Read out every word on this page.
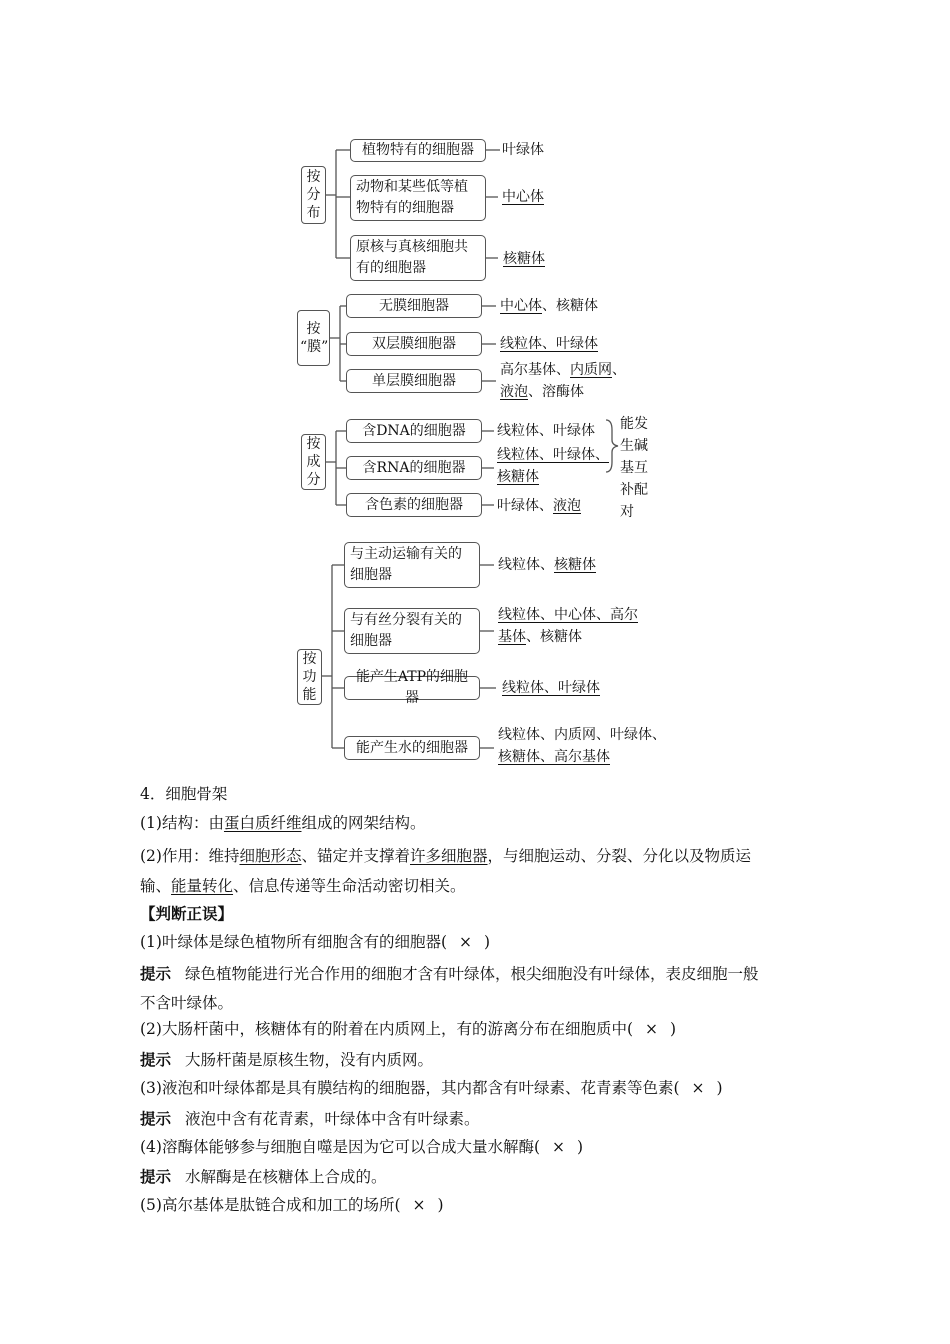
按
分
布
植物特有的细胞器 叶绿体
动物和某些低等植物特有的细胞器
中心体
原核与真核细胞共有的细胞器
核糖体
按
“膜”
无膜细胞器	中心体、核糖体
双层膜细胞器	线粒体、叶绿体
单层膜细胞器
高尔基体、内质网、
液泡、溶酶体
按
成
分
含DNA的细胞器 线粒体、叶绿体
含RNA的细胞器
线粒体、叶绿体、
核糖体
含色素的细胞器 叶绿体、液泡
能发
生碱
基互
补配
对
按
功
能
与主动运输有关的细胞器
线粒体、核糖体
与有丝分裂有关的细胞器
线粒体、中心体、高尔
基体、核糖体
能产生ATP的细胞器
线粒体、叶绿体
能产生水的细胞器
线粒体、内质网、叶绿体、
核糖体、高尔基体
4．细胞骨架
(1)结构：由蛋白质纤维组成的网架结构。
(2)作用：维持细胞形态、锚定并支撑着许多细胞器，与细胞运动、分裂、分化以及物质运
输、能量转化、信息传递等生命活动密切相关。
【判断正误】
(1)叶绿体是绿色植物所有细胞含有的细胞器( × )
提示 绿色植物能进行光合作用的细胞才含有叶绿体，根尖细胞没有叶绿体，表皮细胞一般
不含叶绿体。
(2)大肠杆菌中，核糖体有的附着在内质网上，有的游离分布在细胞质中( × )
提示 大肠杆菌是原核生物，没有内质网。
(3)液泡和叶绿体都是具有膜结构的细胞器，其内都含有叶绿素、花青素等色素( × )
提示 液泡中含有花青素，叶绿体中含有叶绿素。
(4)溶酶体能够参与细胞自噬是因为它可以合成大量水解酶( × )
提示 水解酶是在核糖体上合成的。
(5)高尔基体是肽链合成和加工的场所( × )
